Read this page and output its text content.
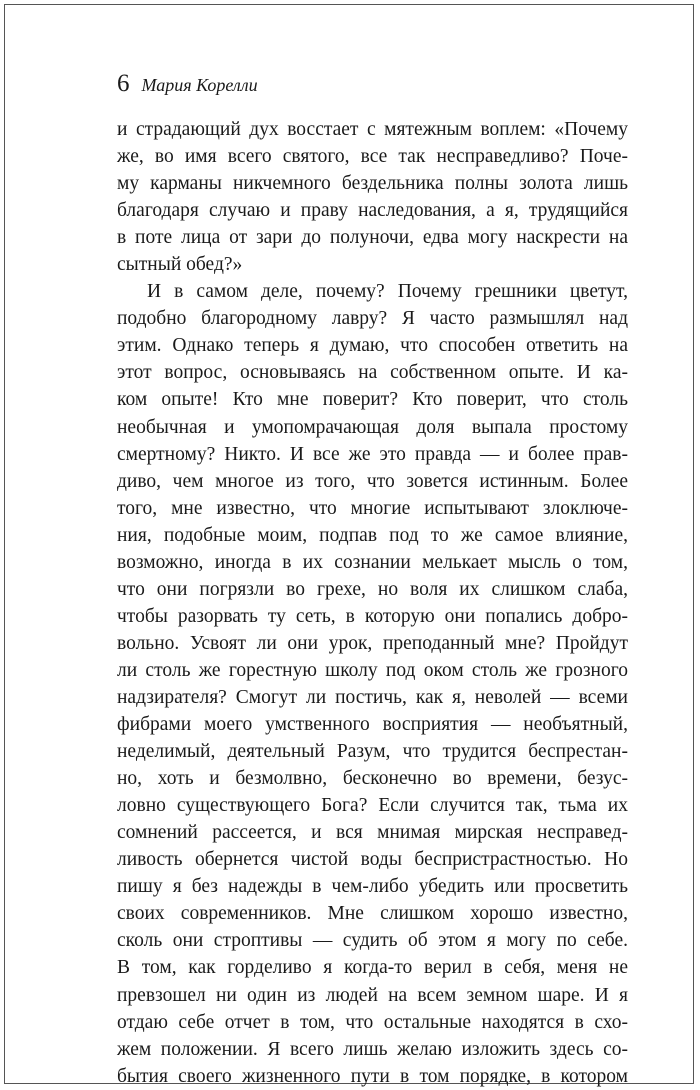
6 Мария Корелли
и страдающий дух восстает с мятежным воплем: «Почему
же, во имя всего святого, все так несправедливо? Поче-
му карманы никчемного бездельника полны золота лишь
благодаря случаю и праву наследования, а я, трудящийся
в поте лица от зари до полуночи, едва могу наскрести на
сытный обед?»
И в самом деле, почему? Почему грешники цветут,
подобно благородному лавру? Я часто размышлял над
этим. Однако теперь я думаю, что способен ответить на
этот вопрос, основываясь на собственном опыте. И ка-
ком опыте! Кто мне поверит? Кто поверит, что столь
необычная и умопомрачающая доля выпала простому
смертному? Никто. И все же это правда — и более прав-
диво, чем многое из того, что зовется истинным. Более
того, мне известно, что многие испытывают злоключе-
ния, подобные моим, подпав под то же самое влияние,
возможно, иногда в их сознании мелькает мысль о том,
что они погрязли во грехе, но воля их слишком слаба,
чтобы разорвать ту сеть, в которую они попались добро-
вольно. Усвоят ли они урок, преподанный мне? Пройдут
ли столь же горестную школу под оком столь же грозного
надзирателя? Смогут ли постичь, как я, неволей — всеми
фибрами моего умственного восприятия — необъятный,
неделимый, деятельный Разум, что трудится беспрестан-
но, хоть и безмолвно, бесконечно во времени, безус-
ловно существующего Бога? Если случится так, тьма их
сомнений рассеется, и вся мнимая мирская несправед-
ливость обернется чистой воды беспристрастностью. Но
пишу я без надежды в чем-либо убедить или просветить
своих современников. Мне слишком хорошо известно,
сколь они строптивы — судить об этом я могу по себе.
В том, как горделиво я когда-то верил в себя, меня не
превзошел ни один из людей на всем земном шаре. И я
отдаю себе отчет в том, что остальные находятся в схо-
жем положении. Я всего лишь желаю изложить здесь со-
бытия своего жизненного пути в том порядке, в котором
